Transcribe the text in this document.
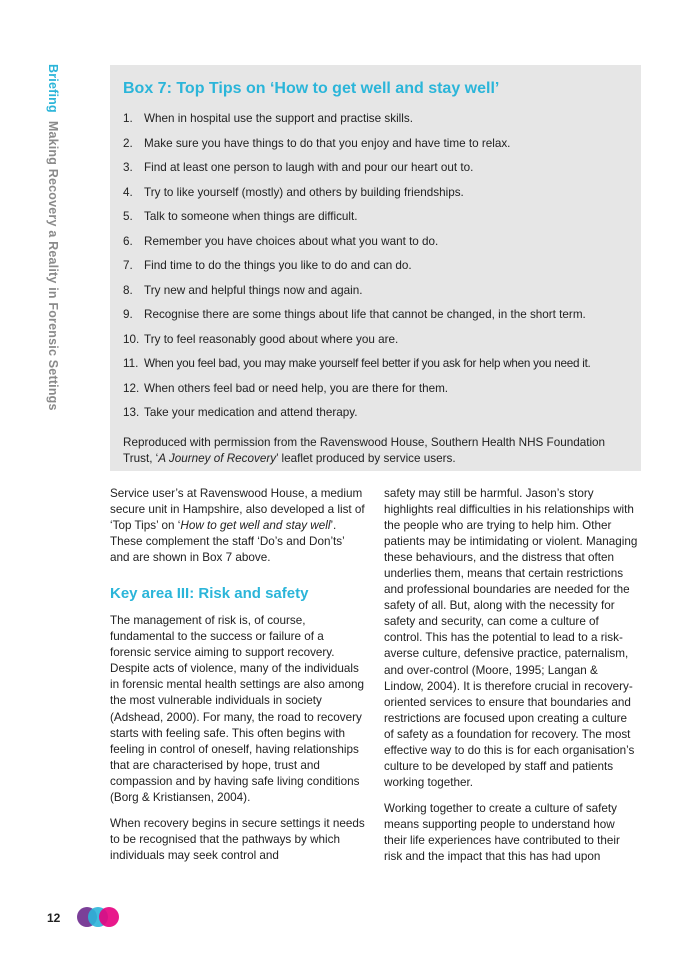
BriefingMaking Recovery a Reality in Forensic Settings
Box 7: Top Tips on ‘How to get well and stay well’
1. When in hospital use the support and practise skills.
2. Make sure you have things to do that you enjoy and have time to relax.
3. Find at least one person to laugh with and pour our heart out to.
4. Try to like yourself (mostly) and others by building friendships.
5. Talk to someone when things are difficult.
6. Remember you have choices about what you want to do.
7. Find time to do the things you like to do and can do.
8. Try new and helpful things now and again.
9. Recognise there are some things about life that cannot be changed, in the short term.
10. Try to feel reasonably good about where you are.
11. When you feel bad, you may make yourself feel better if you ask for help when you need it.
12. When others feel bad or need help, you are there for them.
13. Take your medication and attend therapy.
Reproduced with permission from the Ravenswood House, Southern Health NHS Foundation Trust, ‘A Journey of Recovery’ leaflet produced by service users.

Service user’s at Ravenswood House, a medium secure unit in Hampshire, also developed a list of ‘Top Tips’ on ‘How to get well and stay well’. These complement the staff ‘Do’s and Don’ts’ and are shown in Box 7 above.

Key area III: Risk and safety

The management of risk is, of course, fundamental to the success or failure of a forensic service aiming to support recovery. Despite acts of violence, many of the individuals in forensic mental health settings are also among the most vulnerable individuals in society (Adshead, 2000). For many, the road to recovery starts with feeling safe. This often begins with feeling in control of oneself, having relationships that are characterised by hope, trust and compassion and by having safe living conditions (Borg & Kristiansen, 2004).

When recovery begins in secure settings it needs to be recognised that the pathways by which individuals may seek control and

safety may still be harmful. Jason’s story highlights real difficulties in his relationships with the people who are trying to help him. Other patients may be intimidating or violent. Managing these behaviours, and the distress that often underlies them, means that certain restrictions and professional boundaries are needed for the safety of all. But, along with the necessity for safety and security, can come a culture of control. This has the potential to lead to a risk-averse culture, defensive practice, paternalism, and over-control (Moore, 1995; Langan & Lindow, 2004). It is therefore crucial in recovery-oriented services to ensure that boundaries and restrictions are focused upon creating a culture of safety as a foundation for recovery. The most effective way to do this is for each organisation’s culture to be developed by staff and patients working together.

Working together to create a culture of safety means supporting people to understand how their life experiences have contributed to their risk and the impact that this has had upon

12
